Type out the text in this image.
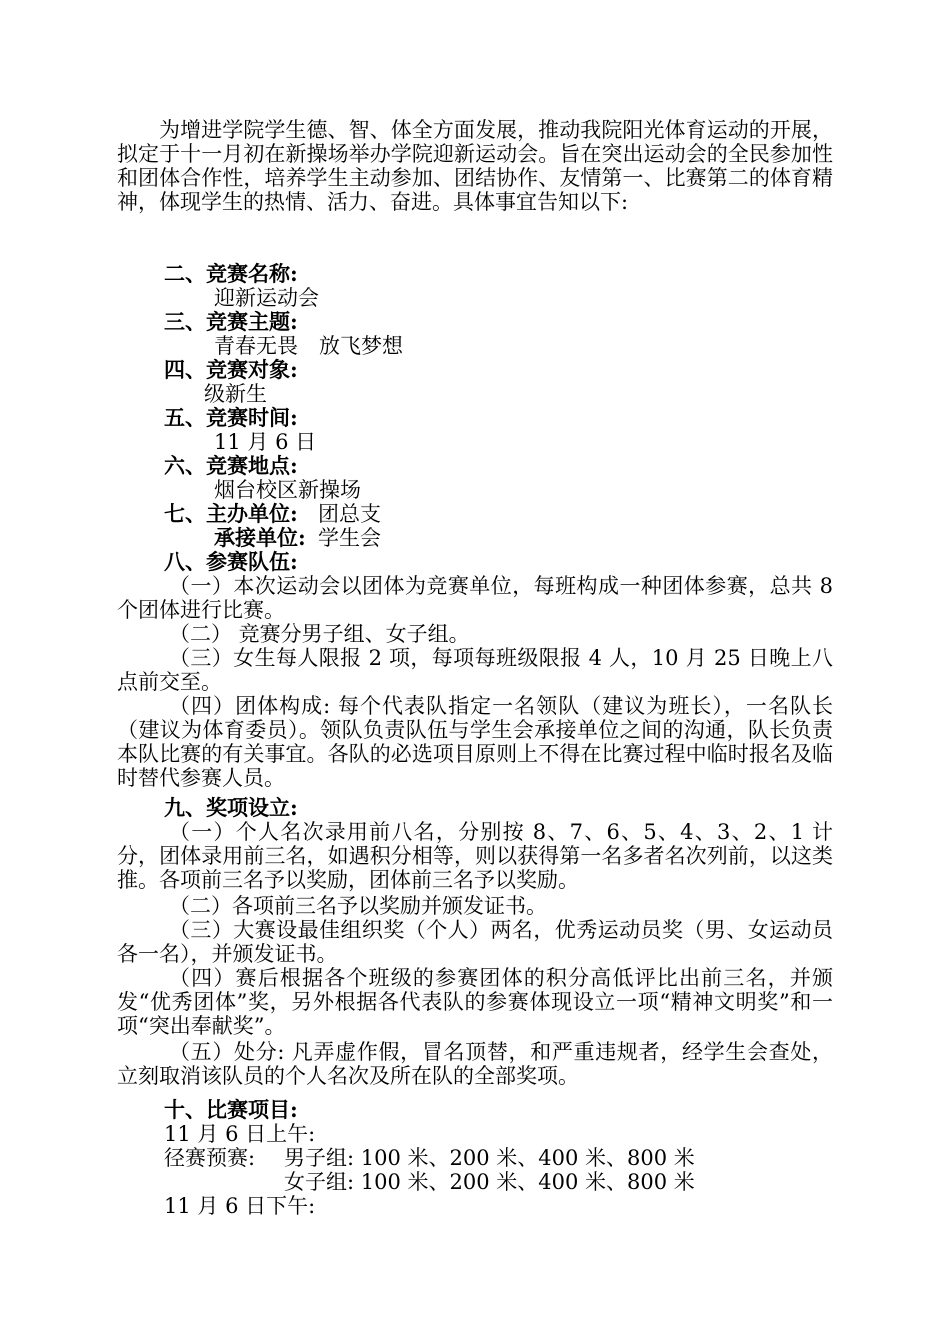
为增进学院学生德、智、体全方面发展，推动我院阳光体育运动的开展，拟定于十一月初在新操场举办学院迎新运动会。旨在突出运动会的全民参加性和团体合作性，培养学生主动参加、团结协作、友情第一、比赛第二的体育精神，体现学生的热情、活力、奋进。具体事宜告知以下:

二、竞赛名称:
迎新运动会
三、竞赛主题:
青春无畏　放飞梦想
四、竞赛对象:
级新生
五、竞赛时间:
11 月 6 日
六、竞赛地点:
烟台校区新操场
七、主办单位: 团总支
承接单位: 学生会
八、参赛队伍:

（一）本次运动会以团体为竞赛单位，每班构成一种团体参赛，总共 8 个团体进行比赛。

（二） 竞赛分男子组、女子组。

（三）女生每人限报 2 项，每项每班级限报 4 人，10 月 25 日晚上八点前交至。

（四）团体构成: 每个代表队指定一名领队（建议为班长），一名队长（建议为体育委员）。领队负责队伍与学生会承接单位之间的沟通，队长负责本队比赛的有关事宜。各队的必选项目原则上不得在比赛过程中临时报名及临时替代参赛人员。

九、奖项设立:

（一）个人名次录用前八名，分别按 8、7、6、5、4、3、2、1 计分，团体录用前三名，如遇积分相等，则以获得第一名多者名次列前，以这类推。各项前三名予以奖励，团体前三名予以奖励。

（二）各项前三名予以奖励并颁发证书。

（三）大赛设最佳组织奖（个人）两名，优秀运动员奖（男、女运动员各一名），并颁发证书。

（四）赛后根据各个班级的参赛团体的积分高低评比出前三名，并颁发“优秀团体”奖，另外根据各代表队的参赛体现设立一项“精神文明奖”和一项“突出奉献奖”。

（五）处分: 凡弄虚作假，冒名顶替，和严重违规者，经学生会查处，立刻取消该队员的个人名次及所在队的全部奖项。

十、比赛项目:
11 月 6 日上午:
径赛预赛: 男子组: 100 米、200 米、400 米、800 米
女子组: 100 米、200 米、400 米、800 米
11 月 6 日下午:
